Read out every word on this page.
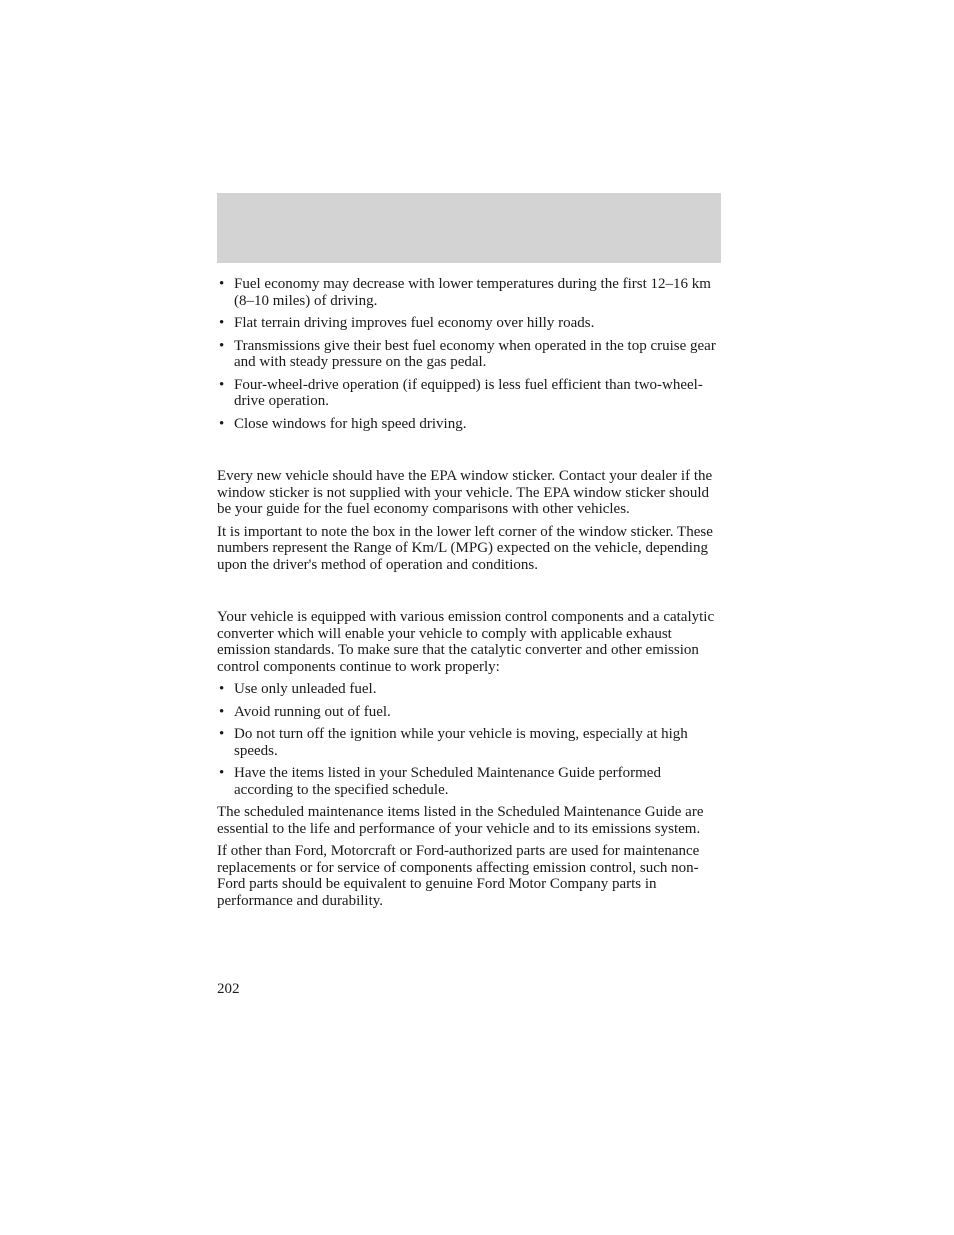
• Fuel economy may decrease with lower temperatures during the first 12–16 km (8–10 miles) of driving.
• Flat terrain driving improves fuel economy over hilly roads.
• Transmissions give their best fuel economy when operated in the top cruise gear and with steady pressure on the gas pedal.
• Four-wheel-drive operation (if equipped) is less fuel efficient than two-wheel-drive operation.
• Close windows for high speed driving.

Every new vehicle should have the EPA window sticker. Contact your dealer if the window sticker is not supplied with your vehicle. The EPA window sticker should be your guide for the fuel economy comparisons with other vehicles.

It is important to note the box in the lower left corner of the window sticker. These numbers represent the Range of Km/L (MPG) expected on the vehicle, depending upon the driver's method of operation and conditions.

Your vehicle is equipped with various emission control components and a catalytic converter which will enable your vehicle to comply with applicable exhaust emission standards. To make sure that the catalytic converter and other emission control components continue to work properly:

• Use only unleaded fuel.
• Avoid running out of fuel.
• Do not turn off the ignition while your vehicle is moving, especially at high speeds.
• Have the items listed in your Scheduled Maintenance Guide performed according to the specified schedule.

The scheduled maintenance items listed in the Scheduled Maintenance Guide are essential to the life and performance of your vehicle and to its emissions system.

If other than Ford, Motorcraft or Ford-authorized parts are used for maintenance replacements or for service of components affecting emission control, such non-Ford parts should be equivalent to genuine Ford Motor Company parts in performance and durability.

202
